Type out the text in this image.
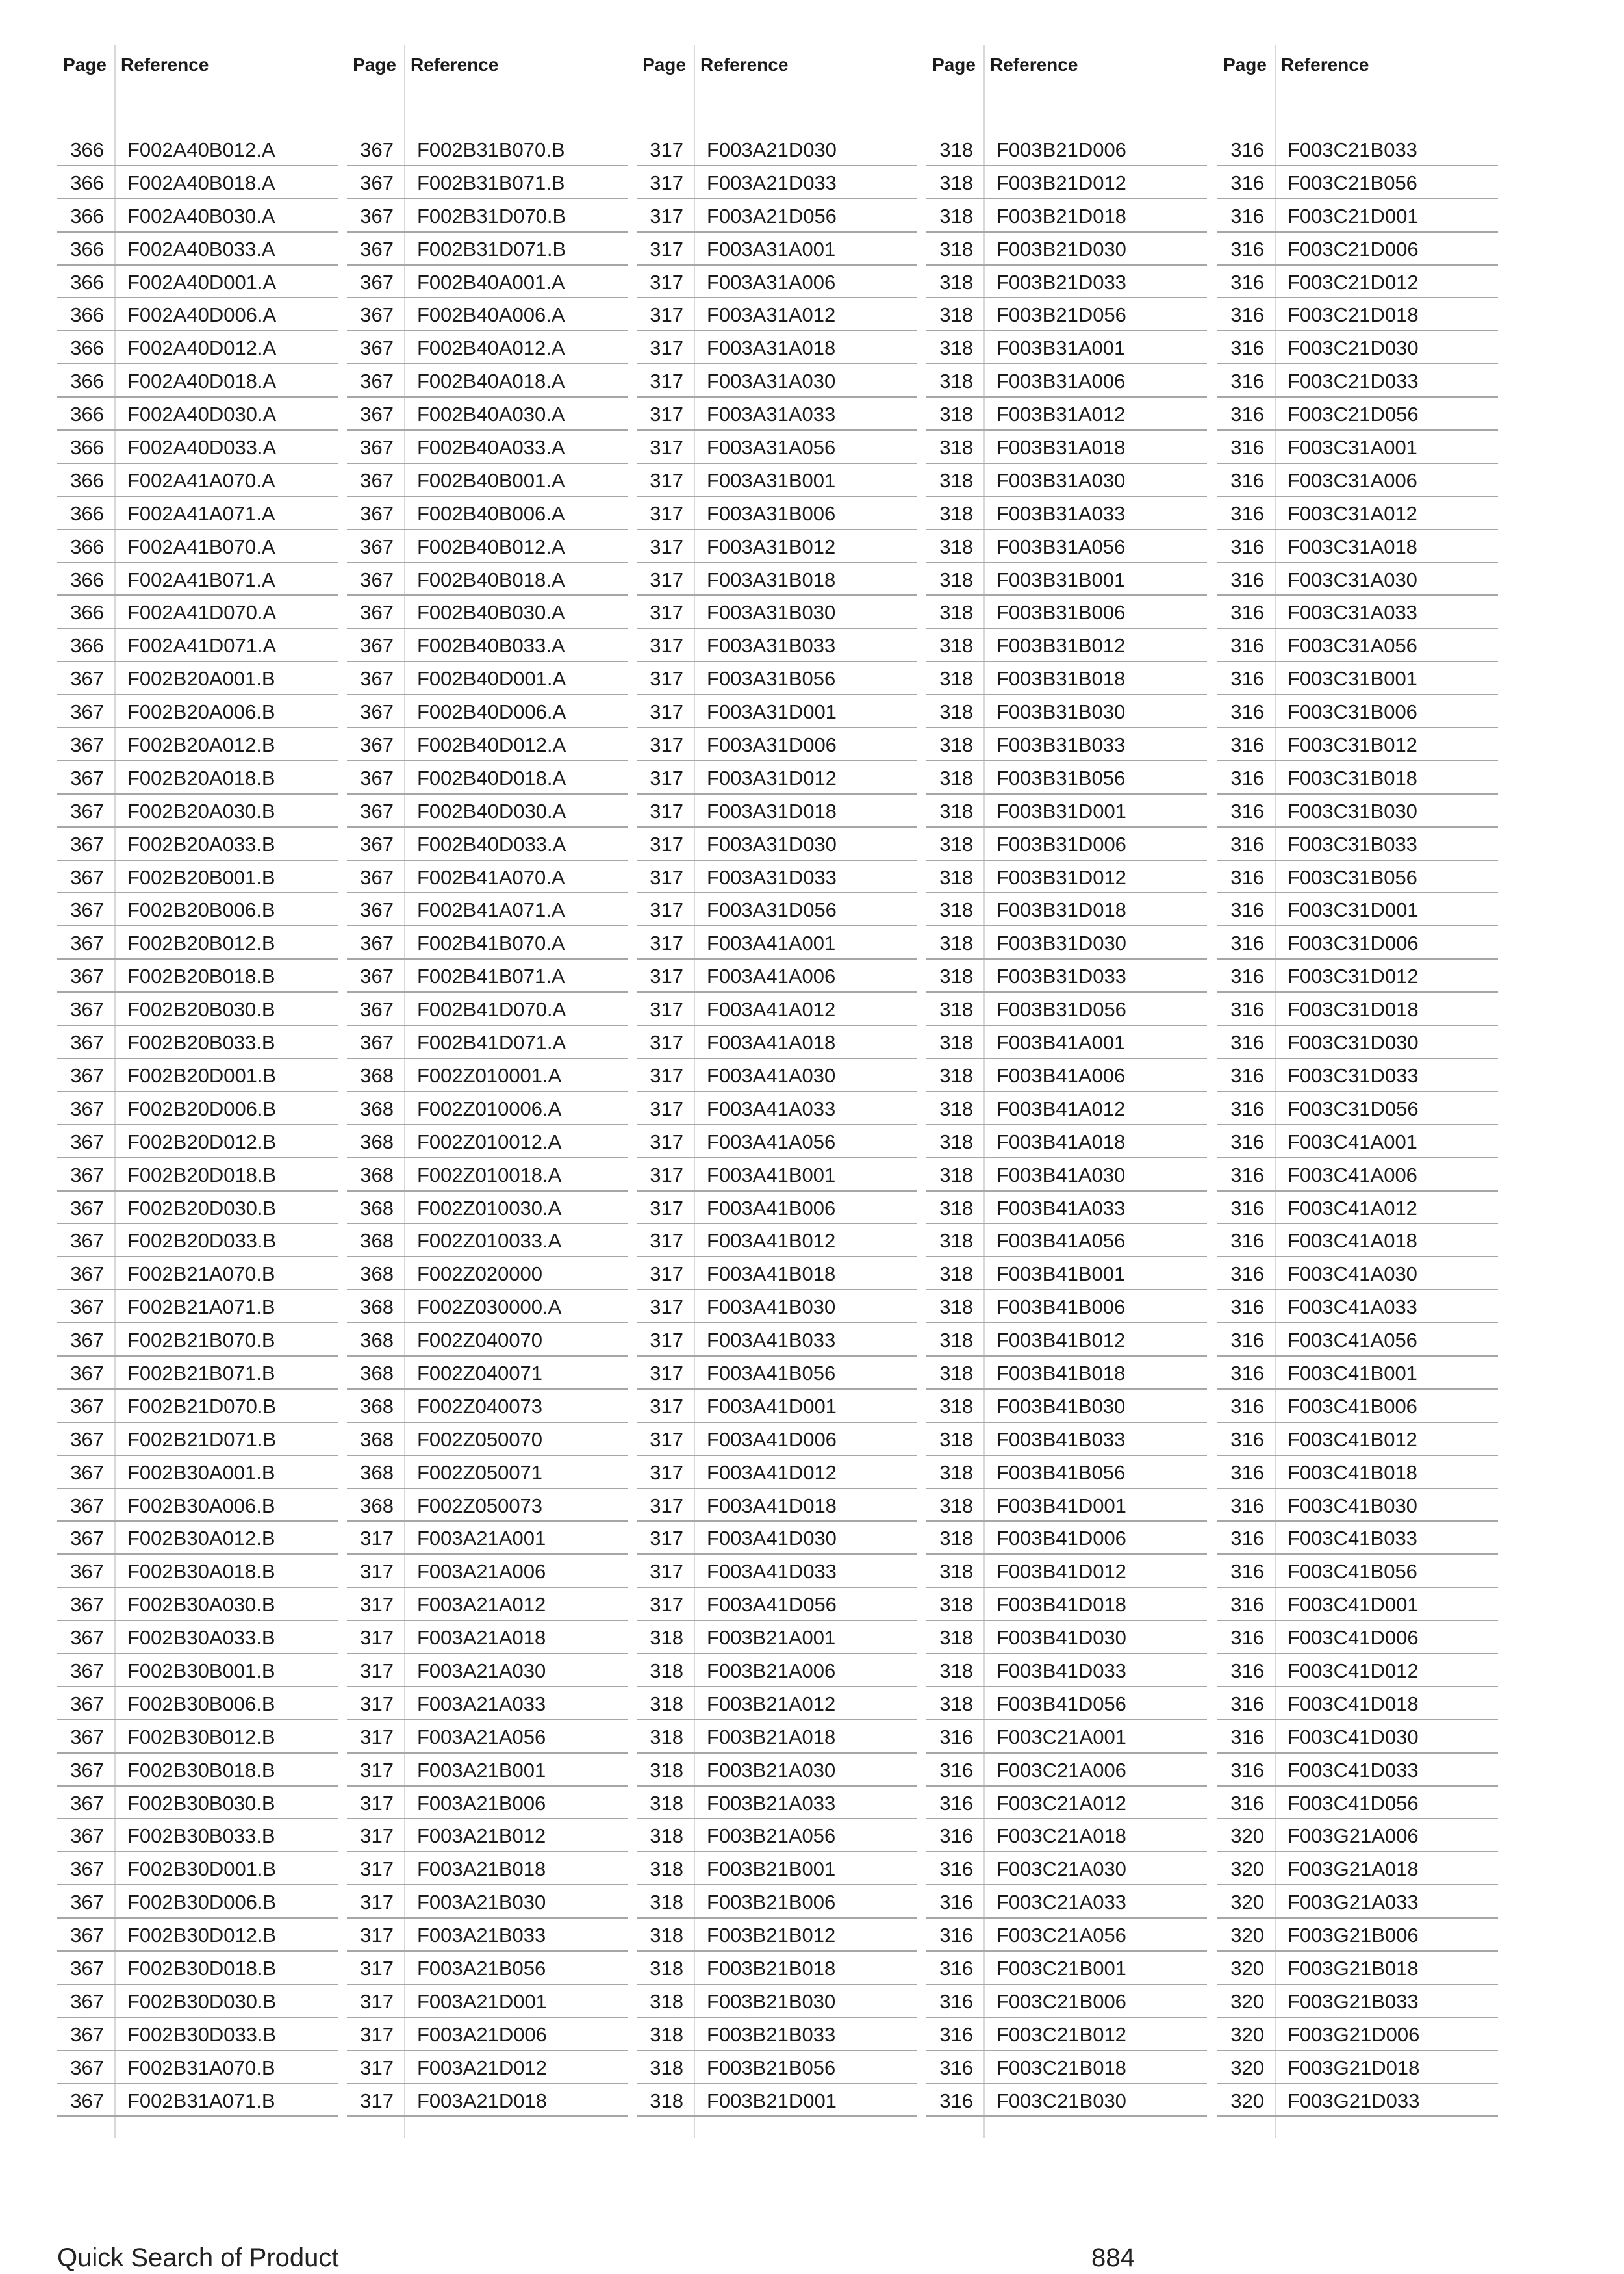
Page Reference
366 F002A40B012.A
366 F002A40B018.A
366 F002A40B030.A
366 F002A40B033.A
366 F002A40D001.A
366 F002A40D006.A
366 F002A40D012.A
366 F002A40D018.A
366 F002A40D030.A
366 F002A40D033.A
366 F002A41A070.A
366 F002A41A071.A
366 F002A41B070.A
366 F002A41B071.A
366 F002A41D070.A
366 F002A41D071.A
367 F002B20A001.B
367 F002B20A006.B
367 F002B20A012.B
367 F002B20A018.B
367 F002B20A030.B
367 F002B20A033.B
367 F002B20B001.B
367 F002B20B006.B
367 F002B20B012.B
367 F002B20B018.B
367 F002B20B030.B
367 F002B20B033.B
367 F002B20D001.B
367 F002B20D006.B
367 F002B20D012.B
367 F002B20D018.B
367 F002B20D030.B
367 F002B20D033.B
367 F002B21A070.B
367 F002B21A071.B
367 F002B21B070.B
367 F002B21B071.B
367 F002B21D070.B
367 F002B21D071.B
367 F002B30A001.B
367 F002B30A006.B
367 F002B30A012.B
367 F002B30A018.B
367 F002B30A030.B
367 F002B30A033.B
367 F002B30B001.B
367 F002B30B006.B
367 F002B30B012.B
367 F002B30B018.B
367 F002B30B030.B
367 F002B30B033.B
367 F002B30D001.B
367 F002B30D006.B
367 F002B30D012.B
367 F002B30D018.B
367 F002B30D030.B
367 F002B30D033.B
367 F002B31A070.B
367 F002B31A071.B
Page Reference
367 F002B31B070.B
367 F002B31B071.B
367 F002B31D070.B
367 F002B31D071.B
367 F002B40A001.A
367 F002B40A006.A
367 F002B40A012.A
367 F002B40A018.A
367 F002B40A030.A
367 F002B40A033.A
367 F002B40B001.A
367 F002B40B006.A
367 F002B40B012.A
367 F002B40B018.A
367 F002B40B030.A
367 F002B40B033.A
367 F002B40D001.A
367 F002B40D006.A
367 F002B40D012.A
367 F002B40D018.A
367 F002B40D030.A
367 F002B40D033.A
367 F002B41A070.A
367 F002B41A071.A
367 F002B41B070.A
367 F002B41B071.A
367 F002B41D070.A
367 F002B41D071.A
368 F002Z010001.A
368 F002Z010006.A
368 F002Z010012.A
368 F002Z010018.A
368 F002Z010030.A
368 F002Z010033.A
368 F002Z020000
368 F002Z030000.A
368 F002Z040070
368 F002Z040071
368 F002Z040073
368 F002Z050070
368 F002Z050071
368 F002Z050073
317 F003A21A001
317 F003A21A006
317 F003A21A012
317 F003A21A018
317 F003A21A030
317 F003A21A033
317 F003A21A056
317 F003A21B001
317 F003A21B006
317 F003A21B012
317 F003A21B018
317 F003A21B030
317 F003A21B033
317 F003A21B056
317 F003A21D001
317 F003A21D006
317 F003A21D012
317 F003A21D018
Page Reference
317 F003A21D030
317 F003A21D033
317 F003A21D056
317 F003A31A001
317 F003A31A006
317 F003A31A012
317 F003A31A018
317 F003A31A030
317 F003A31A033
317 F003A31A056
317 F003A31B001
317 F003A31B006
317 F003A31B012
317 F003A31B018
317 F003A31B030
317 F003A31B033
317 F003A31B056
317 F003A31D001
317 F003A31D006
317 F003A31D012
317 F003A31D018
317 F003A31D030
317 F003A31D033
317 F003A31D056
317 F003A41A001
317 F003A41A006
317 F003A41A012
317 F003A41A018
317 F003A41A030
317 F003A41A033
317 F003A41A056
317 F003A41B001
317 F003A41B006
317 F003A41B012
317 F003A41B018
317 F003A41B030
317 F003A41B033
317 F003A41B056
317 F003A41D001
317 F003A41D006
317 F003A41D012
317 F003A41D018
317 F003A41D030
317 F003A41D033
317 F003A41D056
318 F003B21A001
318 F003B21A006
318 F003B21A012
318 F003B21A018
318 F003B21A030
318 F003B21A033
318 F003B21A056
318 F003B21B001
318 F003B21B006
318 F003B21B012
318 F003B21B018
318 F003B21B030
318 F003B21B033
318 F003B21B056
318 F003B21D001
Page Reference
318 F003B21D006
318 F003B21D012
318 F003B21D018
318 F003B21D030
318 F003B21D033
318 F003B21D056
318 F003B31A001
318 F003B31A006
318 F003B31A012
318 F003B31A018
318 F003B31A030
318 F003B31A033
318 F003B31A056
318 F003B31B001
318 F003B31B006
318 F003B31B012
318 F003B31B018
318 F003B31B030
318 F003B31B033
318 F003B31B056
318 F003B31D001
318 F003B31D006
318 F003B31D012
318 F003B31D018
318 F003B31D030
318 F003B31D033
318 F003B31D056
318 F003B41A001
318 F003B41A006
318 F003B41A012
318 F003B41A018
318 F003B41A030
318 F003B41A033
318 F003B41A056
318 F003B41B001
318 F003B41B006
318 F003B41B012
318 F003B41B018
318 F003B41B030
318 F003B41B033
318 F003B41B056
318 F003B41D001
318 F003B41D006
318 F003B41D012
318 F003B41D018
318 F003B41D030
318 F003B41D033
318 F003B41D056
316 F003C21A001
316 F003C21A006
316 F003C21A012
316 F003C21A018
316 F003C21A030
316 F003C21A033
316 F003C21A056
316 F003C21B001
316 F003C21B006
316 F003C21B012
316 F003C21B018
316 F003C21B030
Page Reference
316 F003C21B033
316 F003C21B056
316 F003C21D001
316 F003C21D006
316 F003C21D012
316 F003C21D018
316 F003C21D030
316 F003C21D033
316 F003C21D056
316 F003C31A001
316 F003C31A006
316 F003C31A012
316 F003C31A018
316 F003C31A030
316 F003C31A033
316 F003C31A056
316 F003C31B001
316 F003C31B006
316 F003C31B012
316 F003C31B018
316 F003C31B030
316 F003C31B033
316 F003C31B056
316 F003C31D001
316 F003C31D006
316 F003C31D012
316 F003C31D018
316 F003C31D030
316 F003C31D033
316 F003C31D056
316 F003C41A001
316 F003C41A006
316 F003C41A012
316 F003C41A018
316 F003C41A030
316 F003C41A033
316 F003C41A056
316 F003C41B001
316 F003C41B006
316 F003C41B012
316 F003C41B018
316 F003C41B030
316 F003C41B033
316 F003C41B056
316 F003C41D001
316 F003C41D006
316 F003C41D012
316 F003C41D018
316 F003C41D030
316 F003C41D033
316 F003C41D056
320 F003G21A006
320 F003G21A018
320 F003G21A033
320 F003G21B006
320 F003G21B018
320 F003G21B033
320 F003G21D006
320 F003G21D018
320 F003G21D033
Quick Search of Product	884
